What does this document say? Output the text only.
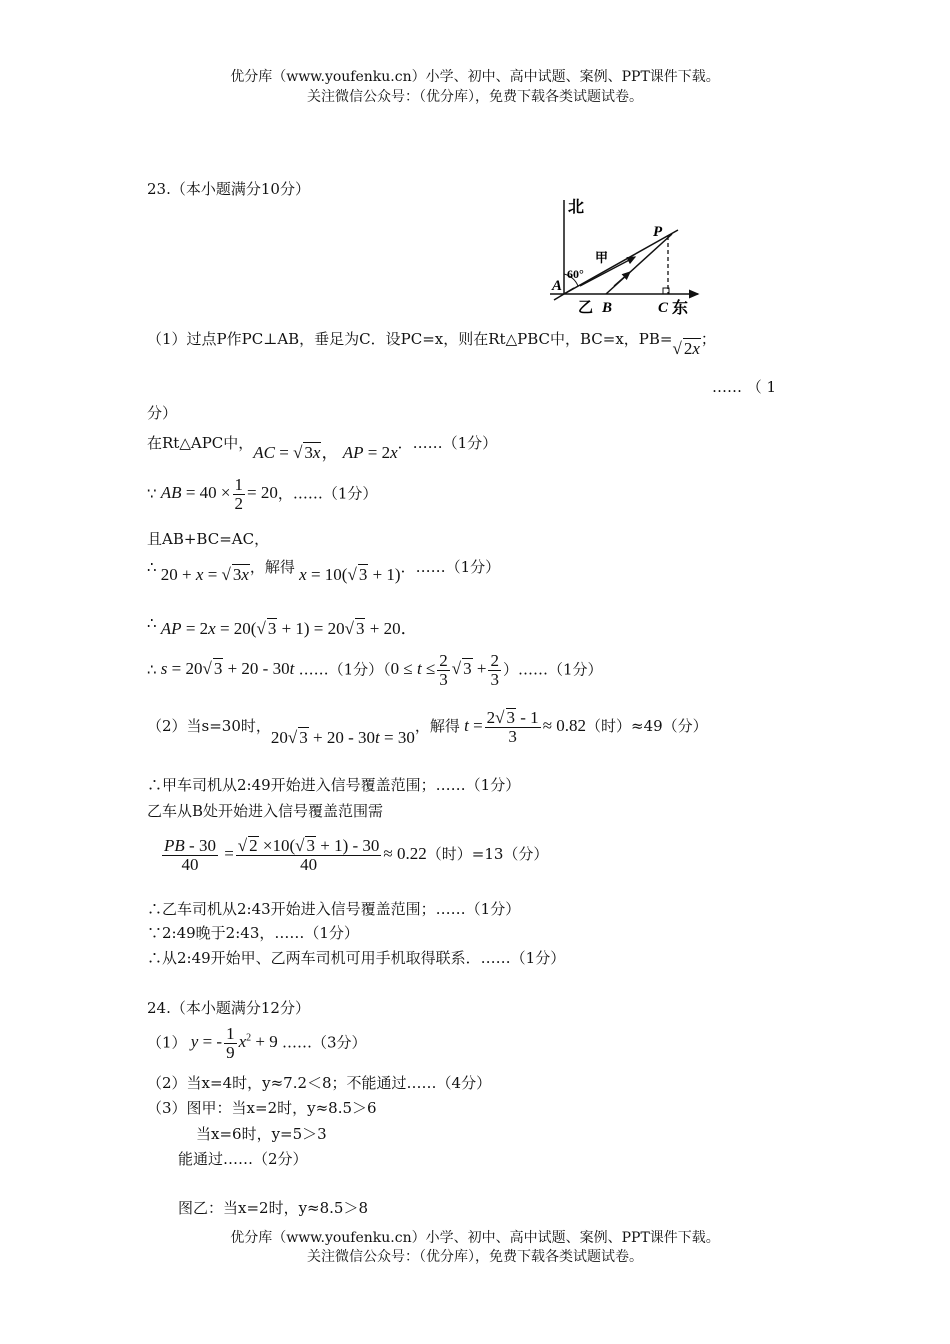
优分库（www.youfenku.cn）小学、初中、高中试题、案例、PPT课件下载。
关注微信公众号：（优分库），免费下载各类试题试卷。
23.（本小题满分10分）
北
甲
60°
A
乙 B	C 东
P
（1）过点P作PC⊥AB，垂足为C．设PC=x，则在Rt△PBC中，BC=x，PB=√ 2x；
…… （ 1
分）
在Rt△APC中，AC = √ 3x， AP = 2x．……（1分）
∵ AB = $40 \times \frac{1}{2} = 20$，……（1分）
且AB+BC=AC，
∴ 20 + x = √ 3x，解得 x = 10(√ 3 + 1)．……（1分）
∴ AP = 2x = 20(√ 3 + 1) = 20√ 3 + 20．
∴ s = 20√ 3 + 20 - 30t ……（1分）（$0 \le t \le \frac{2}{3}$ √ $3 + \frac{2}{3}$ ）……（1分）
（2）当s=30时，20√ 3 + 20 - 30t = 30，解得 $t = \frac{2√ 3 - 1}{3} \approx 0.82$（时）≈49（分）
∴甲车司机从2:49开始进入信号覆盖范围；……（1分）
乙车从B处开始进入信号覆盖范围需
$\frac{PB - 30}{40} = \frac{√ 2 \times 10(√ 3 + 1) - 30}{40} \approx 0.22$（时）=13（分）
∴乙车司机从2:43开始进入信号覆盖范围；……（1分）
∵2:49晚于2:43，……（1分）
∴从2:49开始甲、乙两车司机可用手机取得联系．……（1分）
24.（本小题满分12分）
（1） y = - $\frac{1}{9} x^2 + 9$ ……（3分）
（2）当x=4时，y≈7.2＜8；不能通过……（4分）
（3）图甲：当x=2时，y≈8.5＞6
当x=6时，y=5＞3
能通过……（2分）
图乙：当x=2时，y≈8.5＞8
优分库（www.youfenku.cn）小学、初中、高中试题、案例、PPT课件下载。
关注微信公众号：（优分库），免费下载各类试题试卷。
